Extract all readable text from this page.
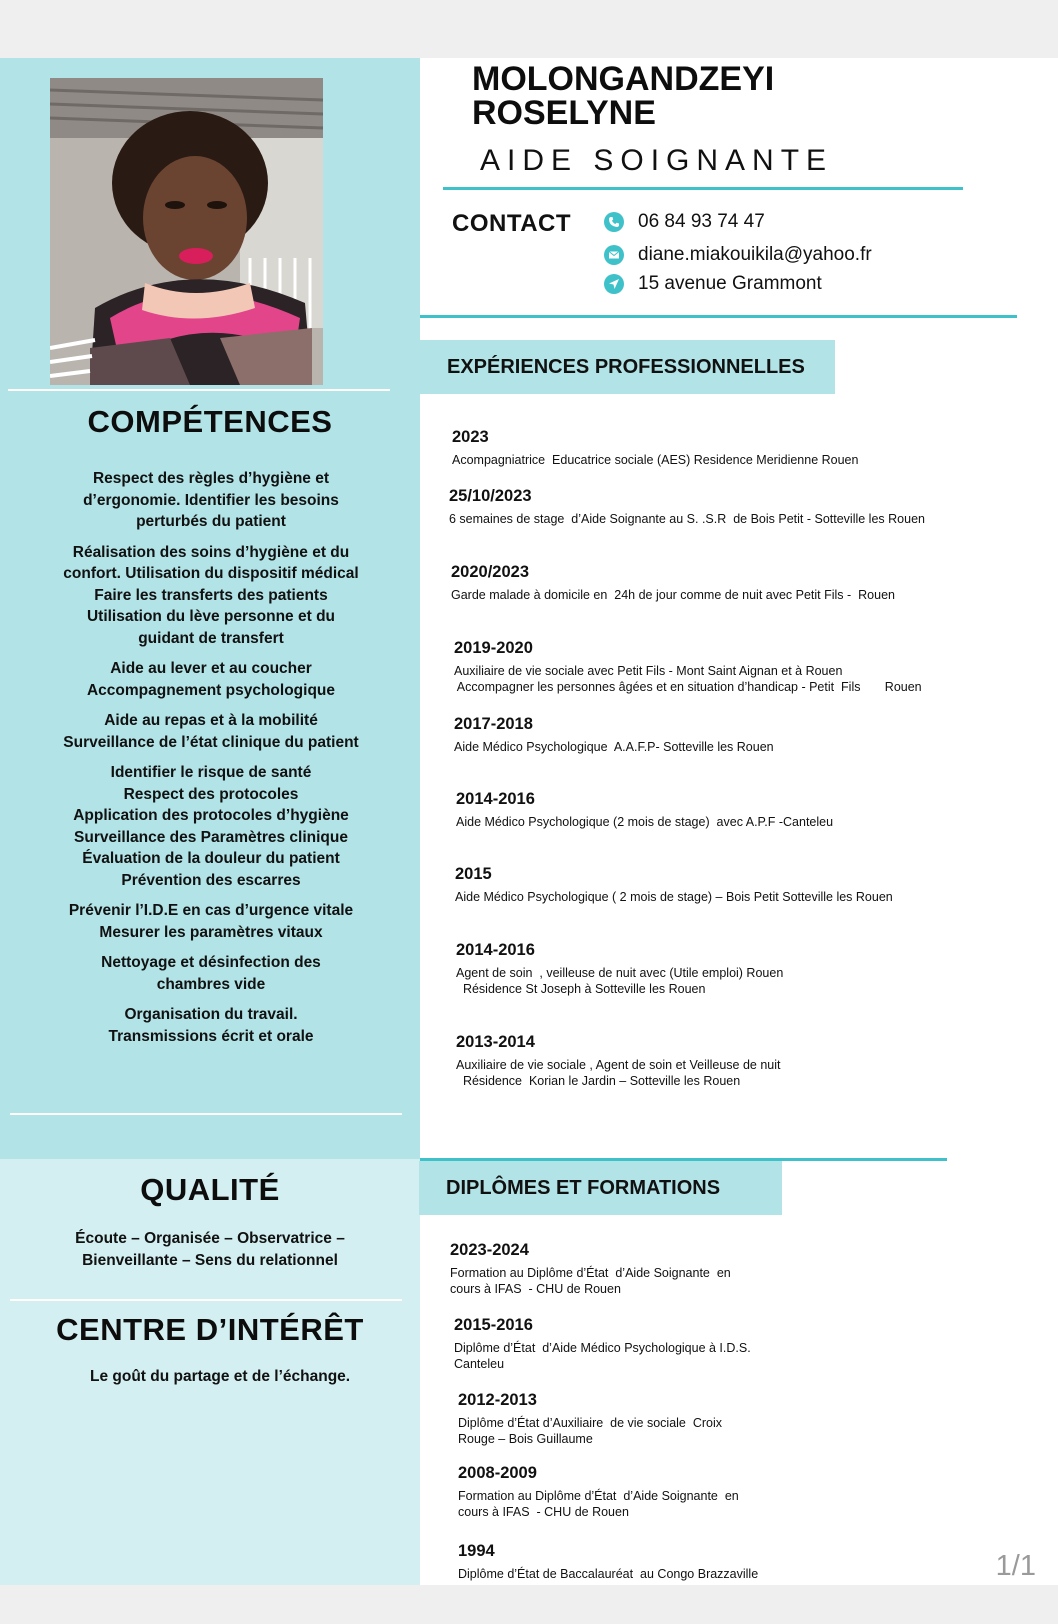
COMPÉTENCES
Respect des règles d’hygiène et
d’ergonomie. Identifier les besoins
perturbés du patient
Réalisation des soins d’hygiène et du
confort. Utilisation du dispositif médical
Faire les transferts des patients
Utilisation du lève personne et du
guidant de transfert
Aide au lever et au coucher
Accompagnement psychologique
Aide au repas et à la mobilité
Surveillance de l’état clinique du patient
Identifier le risque de santé
Respect des protocoles
Application des protocoles d’hygiène
Surveillance des Paramètres clinique
Évaluation de la douleur du patient
Prévention des escarres
Prévenir l’I.D.E en cas d’urgence vitale
Mesurer les paramètres vitaux
Nettoyage et désinfection des
chambres vide
Organisation du travail.
Transmissions écrit et orale
QUALITÉ
Écoute – Organisée – Observatrice –
Bienveillante – Sens du relationnel
CENTRE D’INTÉRÊT
Le goût du partage et de l’échange.
MOLONGANDZEYI
ROSELYNE
AIDE SOIGNANTE
CONTACT	06 84 93 74 47
diane.miakouikila@yahoo.fr
15 avenue Grammont
EXPÉRIENCES PROFESSIONNELLES
2023
Acompagniatrice  Educatrice sociale (AES) Residence Meridienne Rouen
25/10/2023
6 semaines de stage  d’Aide Soignante au S. .S.R  de Bois Petit - Sotteville les Rouen
2020/2023
Garde malade à domicile en  24h de jour comme de nuit avec Petit Fils -  Rouen
2019-2020
Auxiliaire de vie sociale avec Petit Fils - Mont Saint Aignan et à Rouen
Accompagner les personnes âgées et en situation d’handicap - Petit  Fils       Rouen
2017-2018
Aide Médico Psychologique  A.A.F.P- Sotteville les Rouen
2014-2016
Aide Médico Psychologique (2 mois de stage)  avec A.P.F -Canteleu
2015
Aide Médico Psychologique ( 2 mois de stage) – Bois Petit Sotteville les Rouen
2014-2016
Agent de soin  , veilleuse de nuit avec (Utile emploi) Rouen
Résidence St Joseph à Sotteville les Rouen
2013-2014
Auxiliaire de vie sociale , Agent de soin et Veilleuse de nuit
Résidence  Korian le Jardin – Sotteville les Rouen
DIPLÔMES ET FORMATIONS
2023-2024
Formation au Diplôme d’État  d’Aide Soignante  en
cours à IFAS  - CHU de Rouen
2015-2016
Diplôme d’État  d’Aide Médico Psychologique à I.D.S.
Canteleu
2012-2013
Diplôme d’État d’Auxiliaire  de vie sociale  Croix
Rouge – Bois Guillaume
2008-2009
Formation au Diplôme d’État  d’Aide Soignante  en
cours à IFAS  - CHU de Rouen
1994
Diplôme d’État de Baccalauréat  au Congo Brazzaville	1/1
